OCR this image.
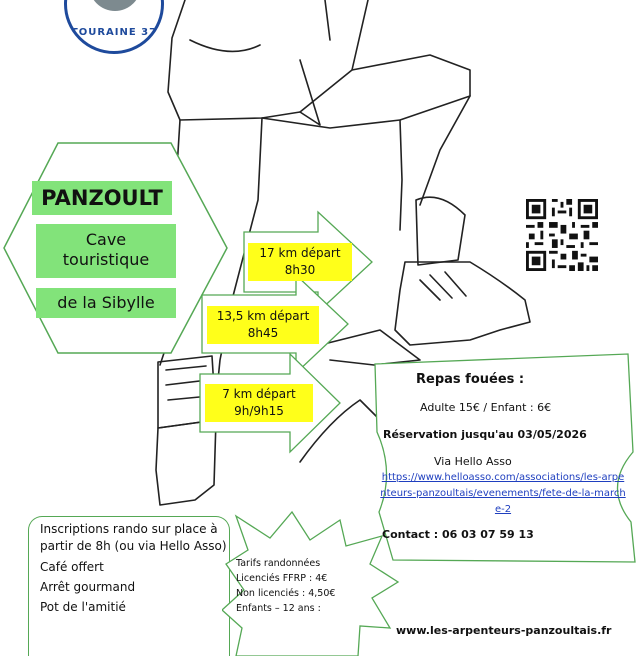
TOURAINE 37
PANZOULT
Cave
touristique
de la Sibylle
17 km départ
8h30
13,5 km départ
8h45
7 km départ
9h/9h15
Repas fouées :
Adulte 15€ / Enfant : 6€
Réservation jusqu'au 03/05/2026
Via Hello Asso
https://www.helloasso.com/associations/les-arpenteurs-panzoultais/evenements/fete-de-la-marche-2
Contact : 06 03 07 59 13
Inscriptions rando sur place à partir de 8h (ou via Hello Asso)
Café offert
Arrêt gourmand
Pot de l'amitié
Tarifs randonnées
Licenciés FFRP : 4€
Non licenciés : 4,50€
Enfants – 12 ans :
www.les-arpenteurs-panzoultais.fr
